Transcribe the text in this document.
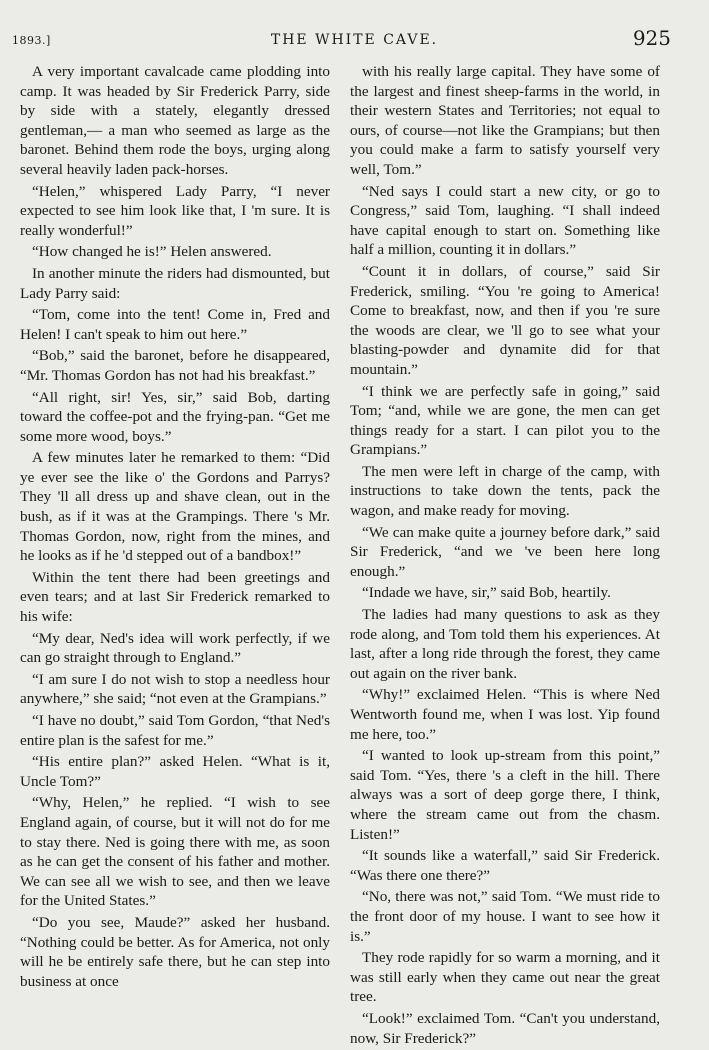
1893.]	THE WHITE CAVE.	925

A very important cavalcade came plodding into camp. It was headed by Sir Frederick Parry, side by side with a stately, elegantly dressed gentleman,— a man who seemed as large as the baronet. Behind them rode the boys, urging along several heavily laden pack-horses.

“Helen,” whispered Lady Parry, “I never expected to see him look like that, I 'm sure. It is really wonderful!”

“How changed he is!” Helen answered.

In another minute the riders had dismounted, but Lady Parry said:

“Tom, come into the tent! Come in, Fred and Helen! I can't speak to him out here.”

“Bob,” said the baronet, before he disappeared, “Mr. Thomas Gordon has not had his breakfast.”

“All right, sir! Yes, sir,” said Bob, darting toward the coffee-pot and the frying-pan. “Get me some more wood, boys.”

A few minutes later he remarked to them: “Did ye ever see the like o' the Gordons and Parrys? They 'll all dress up and shave clean, out in the bush, as if it was at the Grampings. There 's Mr. Thomas Gordon, now, right from the mines, and he looks as if he 'd stepped out of a bandbox!”

Within the tent there had been greetings and even tears; and at last Sir Frederick remarked to his wife:

“My dear, Ned's idea will work perfectly, if we can go straight through to England.”

“I am sure I do not wish to stop a needless hour anywhere,” she said; “not even at the Grampians.”

“I have no doubt,” said Tom Gordon, “that Ned's entire plan is the safest for me.”

“His entire plan?” asked Helen. “What is it, Uncle Tom?”

“Why, Helen,” he replied. “I wish to see England again, of course, but it will not do for me to stay there. Ned is going there with me, as soon as he can get the consent of his father and mother. We can see all we wish to see, and then we leave for the United States.”

“Do you see, Maude?” asked her husband. “Nothing could be better. As for America, not only will he be entirely safe there, but he can step into business at once

with his really large capital. They have some of the largest and finest sheep-farms in the world, in their western States and Territories; not equal to ours, of course—not like the Grampians; but then you could make a farm to satisfy yourself very well, Tom.”

“Ned says I could start a new city, or go to Congress,” said Tom, laughing. “I shall indeed have capital enough to start on. Something like half a million, counting it in dollars.”

“Count it in dollars, of course,” said Sir Frederick, smiling. “You 're going to America! Come to breakfast, now, and then if you 're sure the woods are clear, we 'll go to see what your blasting-powder and dynamite did for that mountain.”

“I think we are perfectly safe in going,” said Tom; “and, while we are gone, the men can get things ready for a start. I can pilot you to the Grampians.”

The men were left in charge of the camp, with instructions to take down the tents, pack the wagon, and make ready for moving.

“We can make quite a journey before dark,” said Sir Frederick, “and we 've been here long enough.”

“Indade we have, sir,” said Bob, heartily.

The ladies had many questions to ask as they rode along, and Tom told them his experiences. At last, after a long ride through the forest, they came out again on the river bank.

“Why!” exclaimed Helen. “This is where Ned Wentworth found me, when I was lost. Yip found me here, too.”

“I wanted to look up-stream from this point,” said Tom. “Yes, there 's a cleft in the hill. There always was a sort of deep gorge there, I think, where the stream came out from the chasm. Listen!”

“It sounds like a waterfall,” said Sir Frederick. “Was there one there?”

“No, there was not,” said Tom. “We must ride to the front door of my house. I want to see how it is.”

They rode rapidly for so warm a morning, and it was still early when they came out near the great tree.

“Look!” exclaimed Tom. “Can't you understand, now, Sir Frederick?”
